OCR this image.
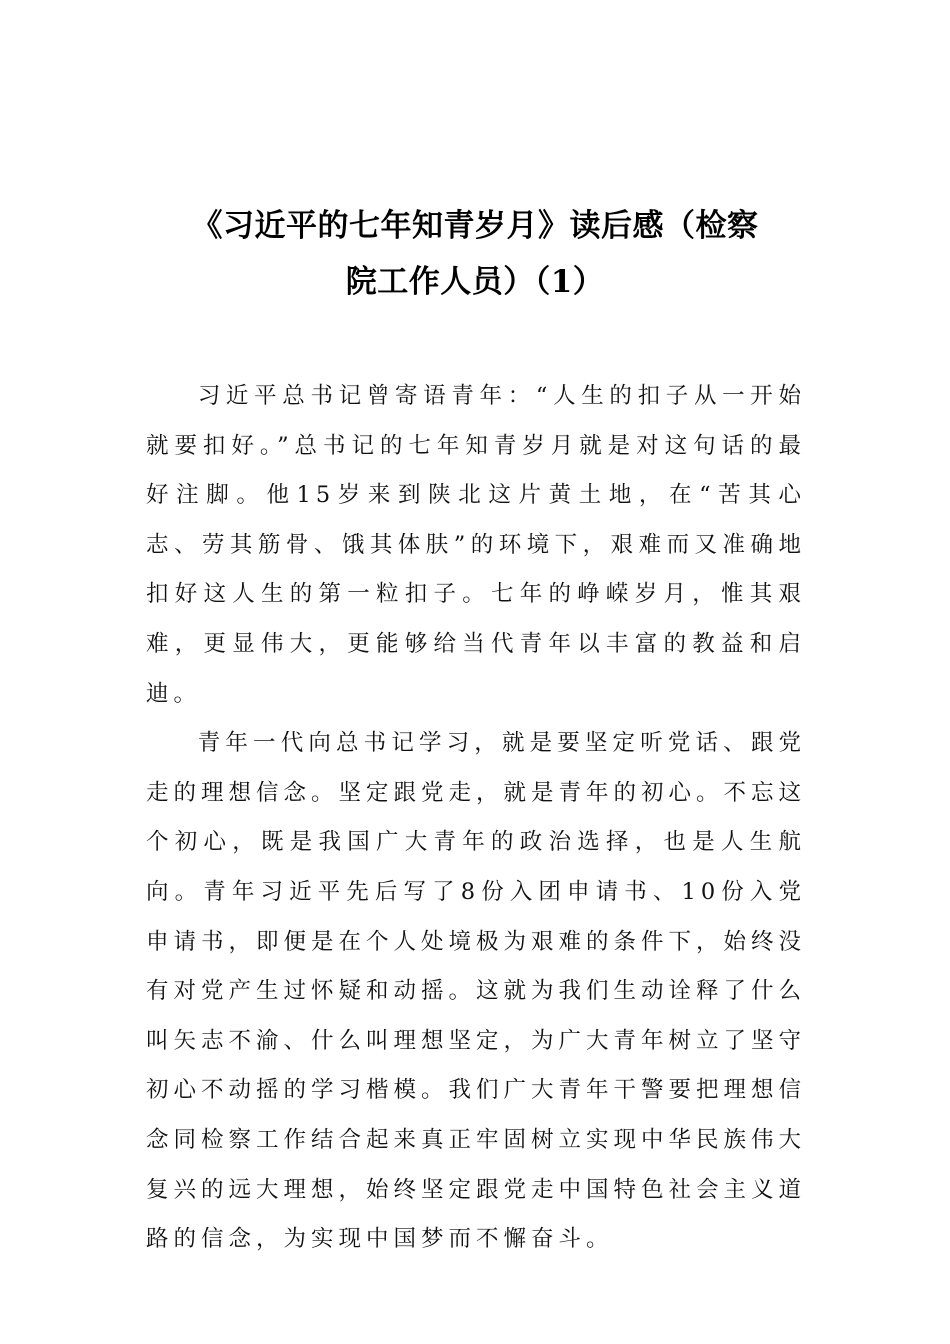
《习近平的七年知青岁月》读后感（检察
院工作人员）（1）

习近平总书记曾寄语青年：“人生的扣子从一开始就要扣好。”总书记的七年知青岁月就是对这句话的最好注脚。他15岁来到陕北这片黄土地，在“苦其心志、劳其筋骨、饿其体肤”的环境下，艰难而又准确地扣好这人生的第一粒扣子。七年的峥嵘岁月，惟其艰难，更显伟大，更能够给当代青年以丰富的教益和启迪。

青年一代向总书记学习，就是要坚定听党话、跟党走的理想信念。坚定跟党走，就是青年的初心。不忘这个初心，既是我国广大青年的政治选择，也是人生航向。青年习近平先后写了8份入团申请书、10份入党申请书，即便是在个人处境极为艰难的条件下，始终没有对党产生过怀疑和动摇。这就为我们生动诠释了什么叫矢志不渝、什么叫理想坚定，为广大青年树立了坚守初心不动摇的学习楷模。我们广大青年干警要把理想信念同检察工作结合起来真正牢固树立实现中华民族伟大复兴的远大理想，始终坚定跟党走中国特色社会主义道路的信念，为实现中国梦而不懈奋斗。
